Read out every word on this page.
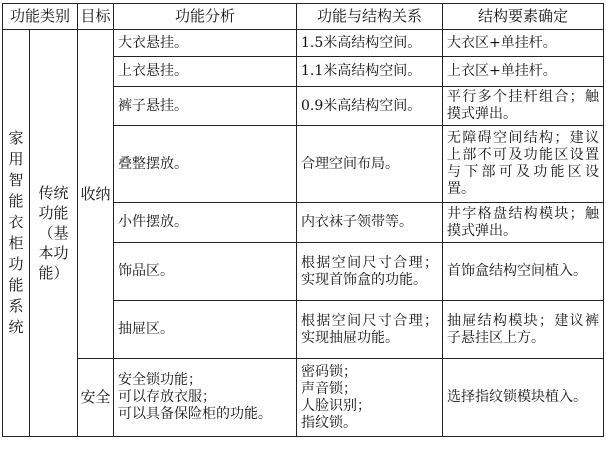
功能类别		目标	功能分析	功能与结构关系	结构要素确定

家用智能衣柜功能系统	传统功能（基本功能）	收纳	大衣悬挂。	1.5米高结构空间。	大衣区+单挂杆。
			上衣悬挂。	1.1米高结构空间。	上衣区+单挂杆。
			裤子悬挂。	0.9米高结构空间。	平行多个挂杆组合；触摸式弹出。
			叠整摆放。	合理空间布局。	无障碍空间结构；建议上部不可及功能区设置与下部可及功能区设置。
			小件摆放。	内衣袜子领带等。	井字格盘结构模块；触摸式弹出。
			饰品区。	根据空间尺寸合理；实现首饰盒的功能。	首饰盒结构空间植入。
			抽屉区。	根据空间尺寸合理；实现抽屉功能。	抽屉结构模块；建议裤子悬挂区上方。
		安全	安全锁功能；
可以存放衣服；
可以具备保险柜的功能。	密码锁；
声音锁；
人脸识别；
指纹锁。	选择指纹锁模块植入。
